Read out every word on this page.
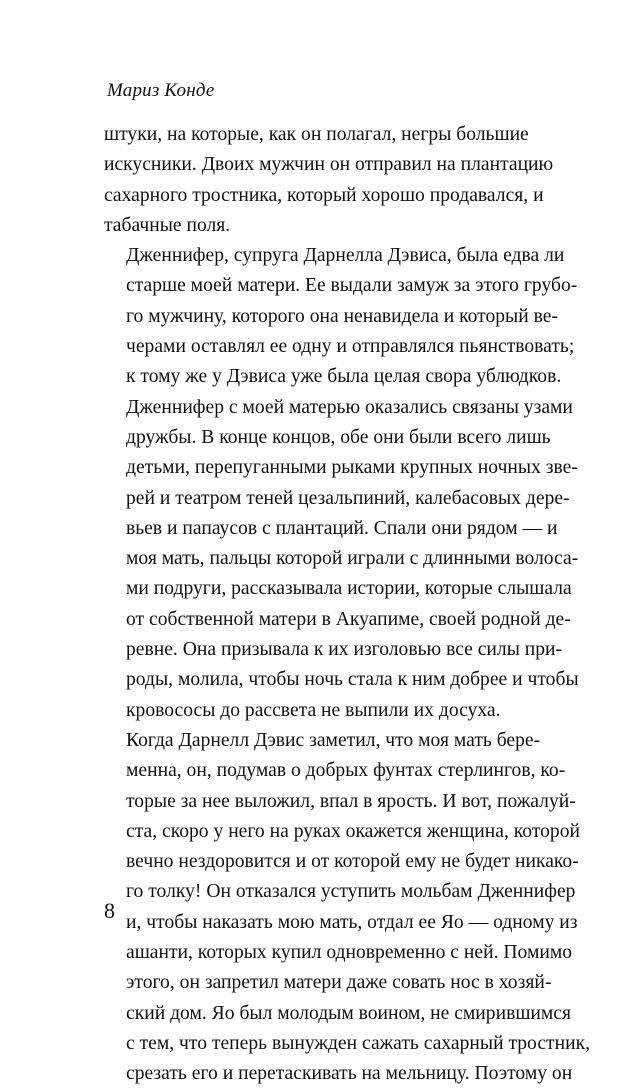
Мариз Конде

штуки, на которые, как он полагал, негры большие
искусники. Двоих мужчин он отправил на плантацию
сахарного тростника, который хорошо продавался, и
табачные поля.

Дженнифер, супруга Дарнелла Дэвиса, была едва ли
старше моей матери. Ее выдали замуж за этого грубо-
го мужчину, которого она ненавидела и который ве-
черами оставлял ее одну и отправлялся пьянствовать;
к тому же у Дэвиса уже была целая свора ублюдков.
Дженнифер с моей матерью оказались связаны узами
дружбы. В конце концов, обе они были всего лишь
детьми, перепуганными рыками крупных ночных зве-
рей и театром теней цезальпиний, калебасовых дере-
вьев и папаусов с плантаций. Спали они рядом — и
моя мать, пальцы которой играли с длинными волоса-
ми подруги, рассказывала истории, которые слышала
от собственной матери в Акуапиме, своей родной де-
ревне. Она призывала к их изголовью все силы при-
роды, молила, чтобы ночь стала к ним добрее и чтобы
кровососы до рассвета не выпили их досуха.

Когда Дарнелл Дэвис заметил, что моя мать бере-
менна, он, подумав о добрых фунтах стерлингов, ко-
торые за нее выложил, впал в ярость. И вот, пожалуй-
ста, скоро у него на руках окажется женщина, которой
вечно нездоровится и от которой ему не будет никако-
го толку! Он отказался уступить мольбам Дженнифер
и, чтобы наказать мою мать, отдал ее Яо — одному из
ашанти, которых купил одновременно с ней. Помимо
этого, он запретил матери даже совать нос в хозяй-
ский дом. Яо был молодым воином, не смирившимся
с тем, что теперь вынужден сажать сахарный тростник,
срезать его и перетаскивать на мельницу. Поэтому он

8
